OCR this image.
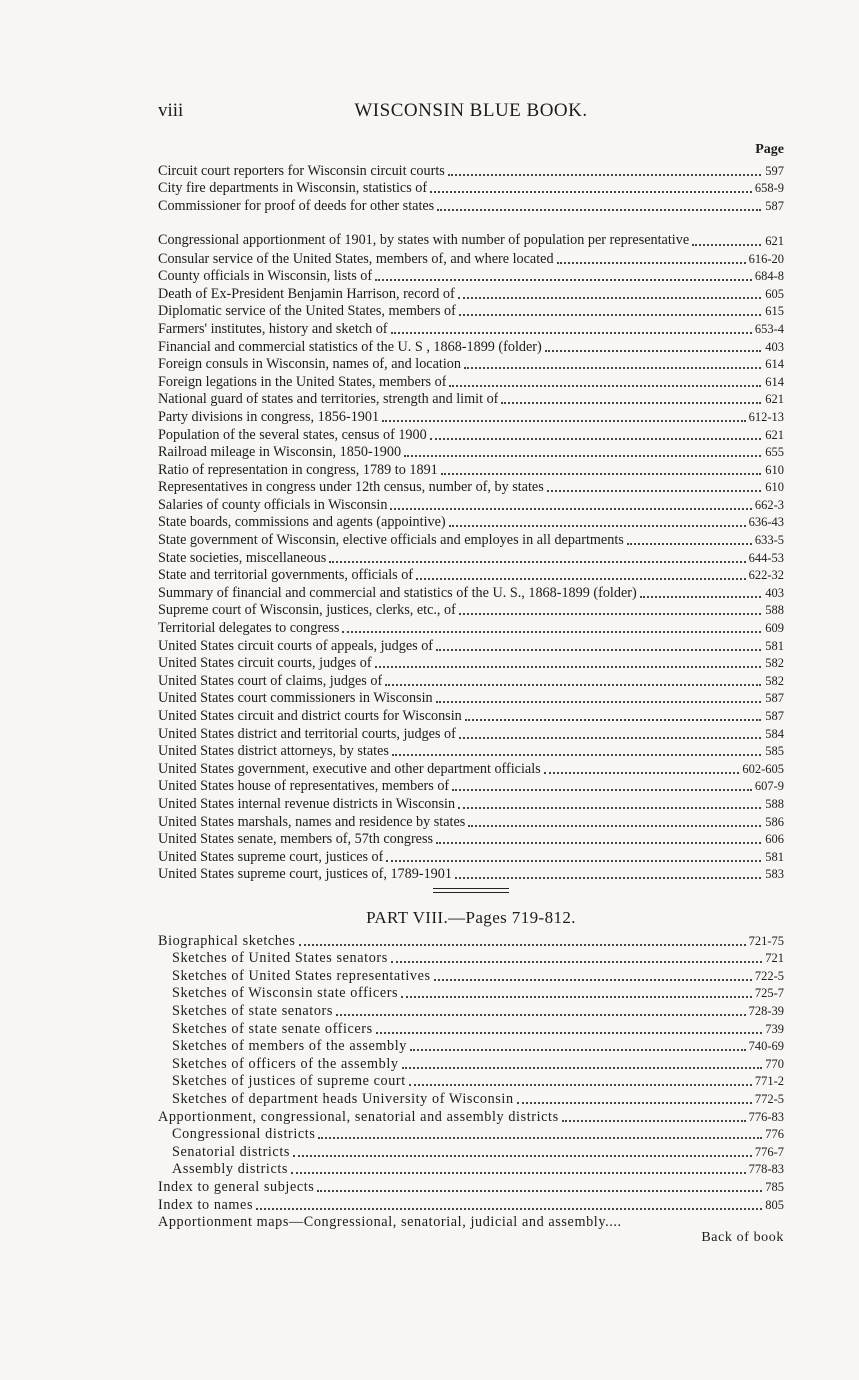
viii	WISCONSIN BLUE BOOK.
Page
Circuit court reporters for Wisconsin circuit courts	597
City fire departments in Wisconsin, statistics of	658-9
Commissioner for proof of deeds for other states	587
Congressional apportionment of 1901, by states with number of population per representative	621
Consular service of the United States, members of, and where located	616-20
County officials in Wisconsin, lists of	684-8
Death of Ex-President Benjamin Harrison, record of	605
Diplomatic service of the United States, members of	615
Farmers' institutes, history and sketch of	653-4
Financial and commercial statistics of the U. S , 1868-1899 (folder)	403
Foreign consuls in Wisconsin, names of, and location	614
Foreign legations in the United States, members of	614
National guard of states and territories, strength and limit of	621
Party divisions in congress, 1856-1901	612-13
Population of the several states, census of 1900	621
Railroad mileage in Wisconsin, 1850-1900	655
Ratio of representation in congress, 1789 to 1891	610
Representatives in congress under 12th census, number of, by states	610
Salaries of county officials in Wisconsin	662-3
State boards, commissions and agents (appointive)	636-43
State government of Wisconsin, elective officials and employes in all departments	633-5
State societies, miscellaneous	644-53
State and territorial governments, officials of	622-32
Summary of financial and commercial and statistics of the U. S., 1868-1899 (folder)	403
Supreme court of Wisconsin, justices, clerks, etc., of	588
Territorial delegates to congress	609
United States circuit courts of appeals, judges of	581
United States circuit courts, judges of	582
United States court of claims, judges of	582
United States court commissioners in Wisconsin	587
United States circuit and district courts for Wisconsin	587
United States district and territorial courts, judges of	584
United States district attorneys, by states	585
United States government, executive and other department officials	602-605
United States house of representatives, members of	607-9
United States internal revenue districts in Wisconsin	588
United States marshals, names and residence by states	586
United States senate, members of, 57th congress	606
United States supreme court, justices of	581
United States supreme court, justices of, 1789-1901	583
PART VIII.—Pages 719-812.
Biographical sketches	721-75
Sketches of United States senators	721
Sketches of United States representatives	722-5
Sketches of Wisconsin state officers	725-7
Sketches of state senators	728-39
Sketches of state senate officers	739
Sketches of members of the assembly	740-69
Sketches of officers of the assembly	770
Sketches of justices of supreme court	771-2
Sketches of department heads University of Wisconsin	772-5
Apportionment, congressional, senatorial and assembly districts	776-83
Congressional districts	776
Senatorial districts	776-7
Assembly districts	778-83
Index to general subjects	785
Index to names	805
Apportionment maps—Congressional, senatorial, judicial and assembly....
Back of book
